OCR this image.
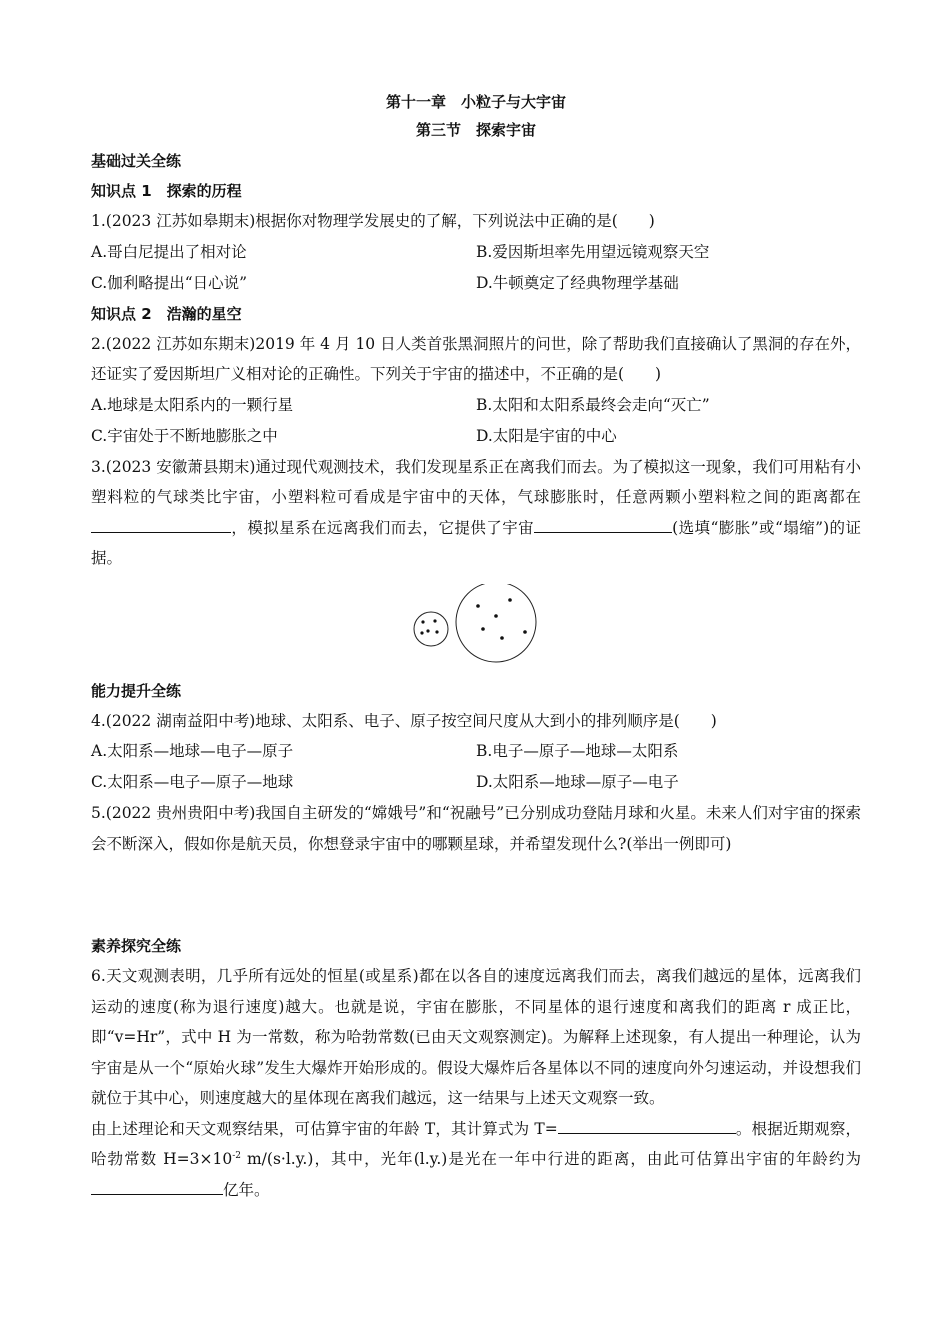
第十一章　小粒子与大宇宙
第三节　探索宇宙
基础过关全练
知识点 1　探索的历程
1.(2023 江苏如皋期末)根据你对物理学发展史的了解，下列说法中正确的是(　　)
A.哥白尼提出了相对论	B.爱因斯坦率先用望远镜观察天空
C.伽利略提出“日心说”	D.牛顿奠定了经典物理学基础
知识点 2　浩瀚的星空
2.(2022 江苏如东期末)2019 年 4 月 10 日人类首张黑洞照片的问世，除了帮助我们直接确认了黑洞的存在外，还证实了爱因斯坦广义相对论的正确性。下列关于宇宙的描述中，不正确的是(　　)
A.地球是太阳系内的一颗行星	B.太阳和太阳系最终会走向“灭亡”
C.宇宙处于不断地膨胀之中	D.太阳是宇宙的中心
3.(2023 安徽萧县期末)通过现代观测技术，我们发现星系正在离我们而去。为了模拟这一现象，我们可用粘有小塑料粒的气球类比宇宙，小塑料粒可看成是宇宙中的天体，气球膨胀时，任意两颗小塑料粒之间的距离都在，模拟星系在远离我们而去，它提供了宇宙	(选填“膨胀”或“塌缩”)的证据。
能力提升全练
4.(2022 湖南益阳中考)地球、太阳系、电子、原子按空间尺度从大到小的排列顺序是(　　)
A.太阳系—地球—电子—原子	B.电子—原子—地球—太阳系
C.太阳系—电子—原子—地球	D.太阳系—地球—原子—电子
5.(2022 贵州贵阳中考)我国自主研发的“嫦娥号”和“祝融号”已分别成功登陆月球和火星。未来人们对宇宙的探索会不断深入，假如你是航天员，你想登录宇宙中的哪颗星球，并希望发现什么?(举出一例即可)
素养探究全练
6.天文观测表明，几乎所有远处的恒星(或星系)都在以各自的速度远离我们而去，离我们越远的星体，远离我们运动的速度(称为退行速度)越大。也就是说，宇宙在膨胀，不同星体的退行速度和离我们的距离 r 成正比，即“v=Hr”，式中 H 为一常数，称为哈勃常数(已由天文观察测定)。为解释上述现象，有人提出一种理论，认为宇宙是从一个“原始火球”发生大爆炸开始形成的。假设大爆炸后各星体以不同的速度向外匀速运动，并设想我们就位于其中心，则速度越大的星体现在离我们越远，这一结果与上述天文观察一致。
由上述理论和天文观察结果，可估算宇宙的年龄 T，其计算式为 T=	。根据近期观察，哈勃常数 $H=3\times 10^{-2}$ m/(s·l.y.)，其中，光年(l.y.)是光在一年中行进的距离，由此可估算出宇宙的年龄约为亿年。
